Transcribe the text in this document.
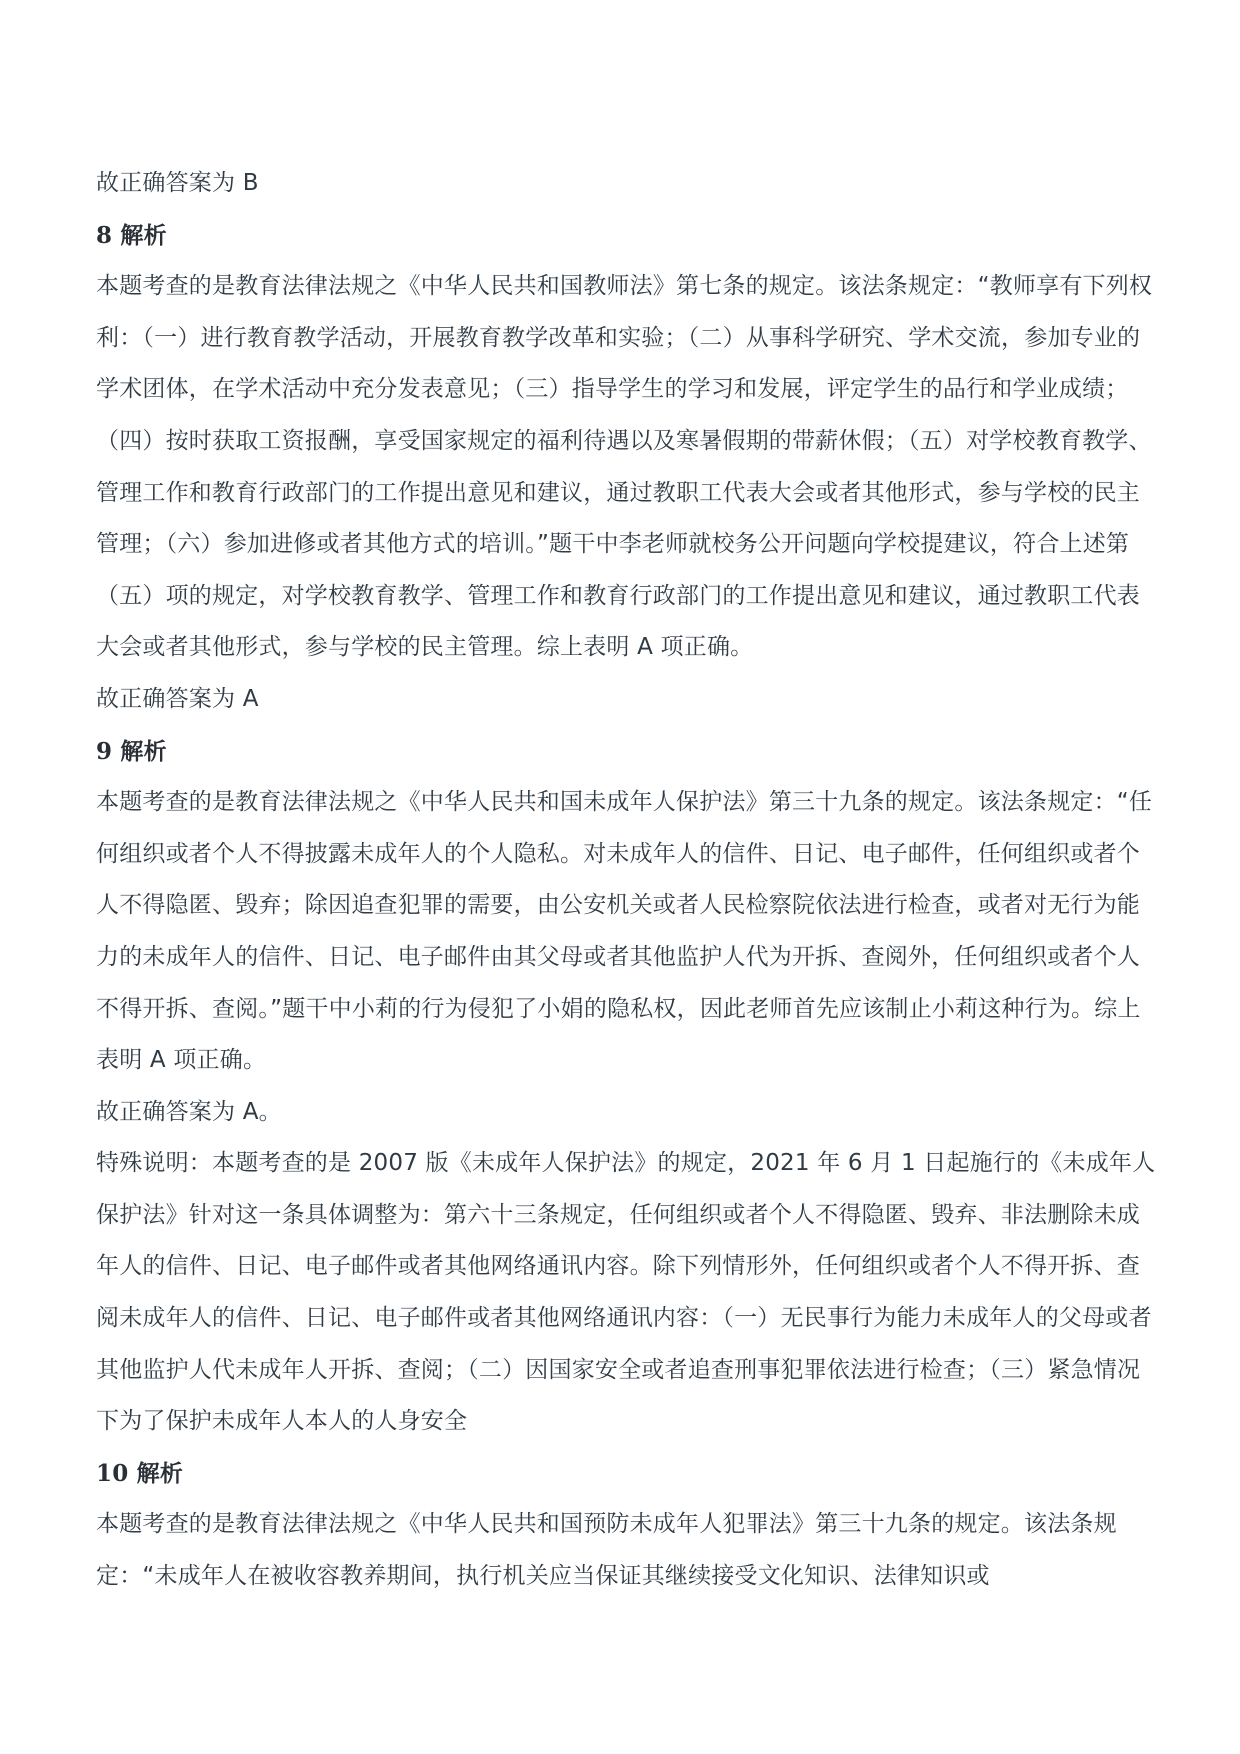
故正确答案为 B

8 解析

本题考查的是教育法律法规之《中华人民共和国教师法》第七条的规定。该法条规定：“教师享有下列权利：（一）进行教育教学活动，开展教育教学改革和实验；（二）从事科学研究、学术交流，参加专业的学术团体，在学术活动中充分发表意见；（三）指导学生的学习和发展，评定学生的品行和学业成绩；（四）按时获取工资报酬，享受国家规定的福利待遇以及寒暑假期的带薪休假；（五）对学校教育教学、管理工作和教育行政部门的工作提出意见和建议，通过教职工代表大会或者其他形式，参与学校的民主管理；（六）参加进修或者其他方式的培训。”题干中李老师就校务公开问题向学校提建议，符合上述第（五）项的规定，对学校教育教学、管理工作和教育行政部门的工作提出意见和建议，通过教职工代表大会或者其他形式，参与学校的民主管理。综上表明 A 项正确。

故正确答案为 A

9 解析

本题考查的是教育法律法规之《中华人民共和国未成年人保护法》第三十九条的规定。该法条规定：“任何组织或者个人不得披露未成年人的个人隐私。对未成年人的信件、日记、电子邮件，任何组织或者个人不得隐匿、毁弃；除因追查犯罪的需要，由公安机关或者人民检察院依法进行检查，或者对无行为能力的未成年人的信件、日记、电子邮件由其父母或者其他监护人代为开拆、查阅外，任何组织或者个人不得开拆、查阅。”题干中小莉的行为侵犯了小娟的隐私权，因此老师首先应该制止小莉这种行为。综上表明 A 项正确。

故正确答案为 A。

特殊说明：本题考查的是 2007 版《未成年人保护法》的规定，2021 年 6 月 1 日起施行的《未成年人保护法》针对这一条具体调整为：第六十三条规定，任何组织或者个人不得隐匿、毁弃、非法删除未成年人的信件、日记、电子邮件或者其他网络通讯内容。除下列情形外，任何组织或者个人不得开拆、查阅未成年人的信件、日记、电子邮件或者其他网络通讯内容：（一）无民事行为能力未成年人的父母或者其他监护人代未成年人开拆、查阅；（二）因国家安全或者追查刑事犯罪依法进行检查；（三）紧急情况下为了保护未成年人本人的人身安全

10 解析

本题考查的是教育法律法规之《中华人民共和国预防未成年人犯罪法》第三十九条的规定。该法条规定：“未成年人在被收容教养期间，执行机关应当保证其继续接受文化知识、法律知识或
